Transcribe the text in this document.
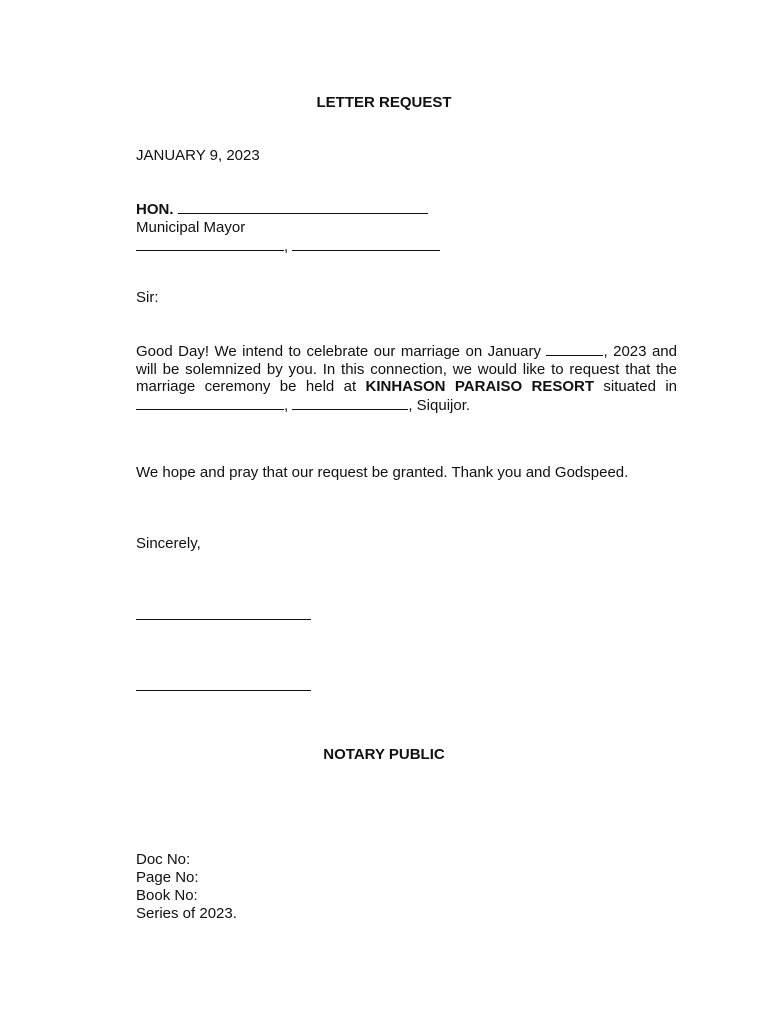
LETTER REQUEST
JANUARY 9, 2023
HON.
Municipal Mayor
,
Sir:
Good Day! We intend to celebrate our marriage on January	, 2023 and will be solemnized by you. In this connection, we would like to request that the marriage ceremony be held at KINHASON PARAISO RESORT situated in ,	, Siquijor.
We hope and pray that our request be granted. Thank you and Godspeed.
Sincerely,
NOTARY PUBLIC
Doc No:
Page No:
Book No:
Series of 2023.
